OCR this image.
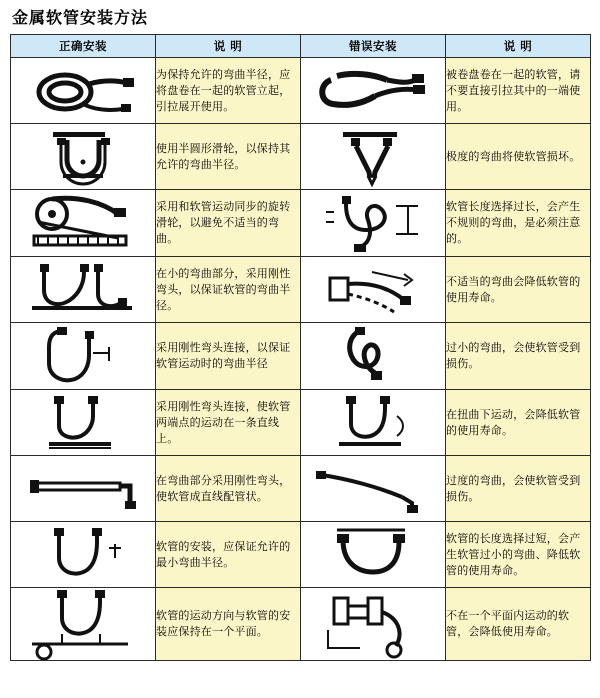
金属软管安装方法
正确安装	说 明	错误安装	说 明

	为保持允许的弯曲半径，应将盘卷在一起的软管立起，引拉展开使用。		被卷盘卷在一起的软管，请不要直接引拉其中的一端使用。

	使用半圆形滑轮，以保持其允许的弯曲半径。		极度的弯曲将使软管损坏。

	采用和软管运动同步的旋转滑轮，以避免不适当的弯曲。		软管长度选择过长，会产生不规则的弯曲，是必须注意的。

	在小的弯曲部分，采用刚性弯头，以保证软管的弯曲半径。		不适当的弯曲会降低软管的使用寿命。

	采用刚性弯头连接，以保证软管运动时的弯曲半径		过小的弯曲，会使软管受到损伤。

	采用刚性弯头连接，使软管两端点的运动在一条直线上。		在扭曲下运动，会降低软管的使用寿命。

	在弯曲部分采用刚性弯头，使软管成直线配管状。		过度的弯曲，会使软管受到损伤。

	软管的安装，应保证允许的最小弯曲半径。		软管的长度选择过短，会产生软管过小的弯曲、降低软管的使用寿命。

	软管的运动方向与软管的安装应保持在一个平面。		不在一个平面内运动的软管，会降低使用寿命。
